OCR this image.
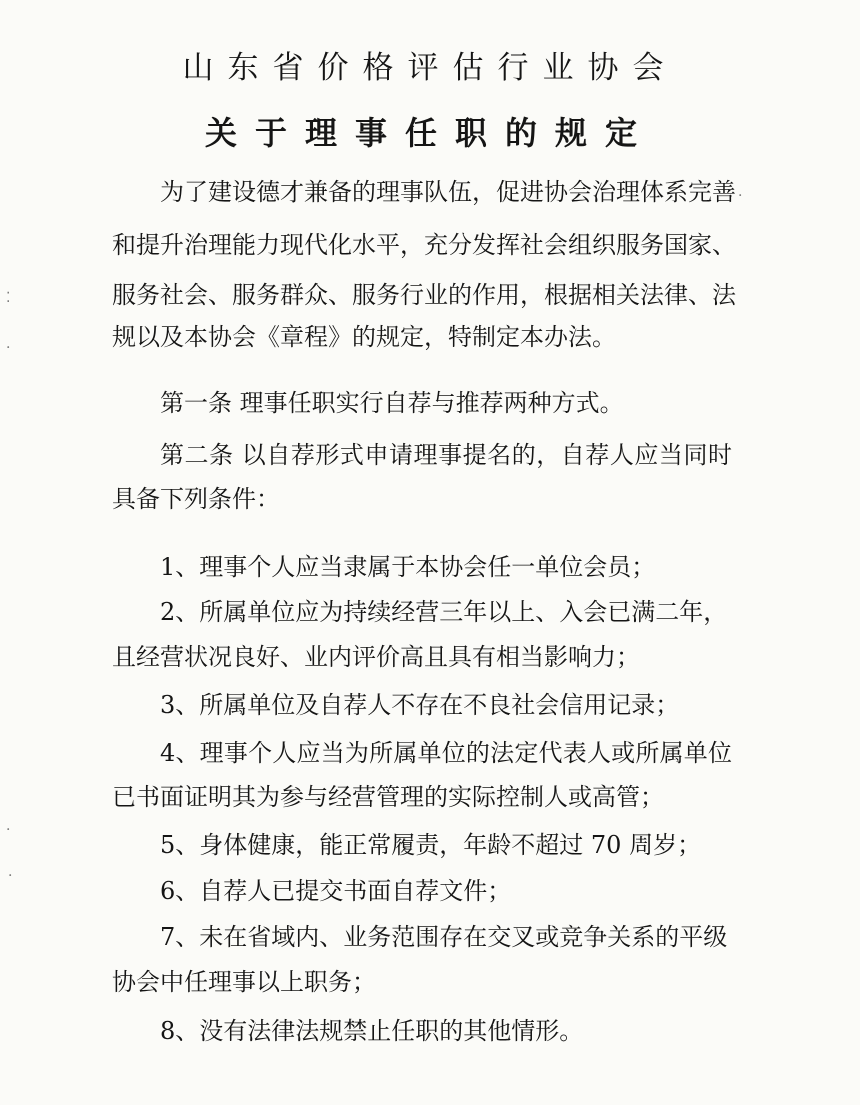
山东省价格评估行业协会
关于理事任职的规定
为了建设德才兼备的理事队伍，促进协会治理体系完善
和提升治理能力现代化水平，充分发挥社会组织服务国家、
服务社会、服务群众、服务行业的作用，根据相关法律、法
规以及本协会《章程》的规定，特制定本办法。
第一条 理事任职实行自荐与推荐两种方式。
第二条 以自荐形式申请理事提名的，自荐人应当同时
具备下列条件：
1、理事个人应当隶属于本协会任一单位会员；
2、所属单位应为持续经营三年以上、入会已满二年，
且经营状况良好、业内评价高且具有相当影响力；
3、所属单位及自荐人不存在不良社会信用记录；
4、理事个人应当为所属单位的法定代表人或所属单位
已书面证明其为参与经营管理的实际控制人或高管；
5、身体健康，能正常履责，年龄不超过 70 周岁；
6、自荐人已提交书面自荐文件；
7、未在省域内、业务范围存在交叉或竞争关系的平级
协会中任理事以上职务；
8、没有法律法规禁止任职的其他情形。
·
⁚
·
·
·
